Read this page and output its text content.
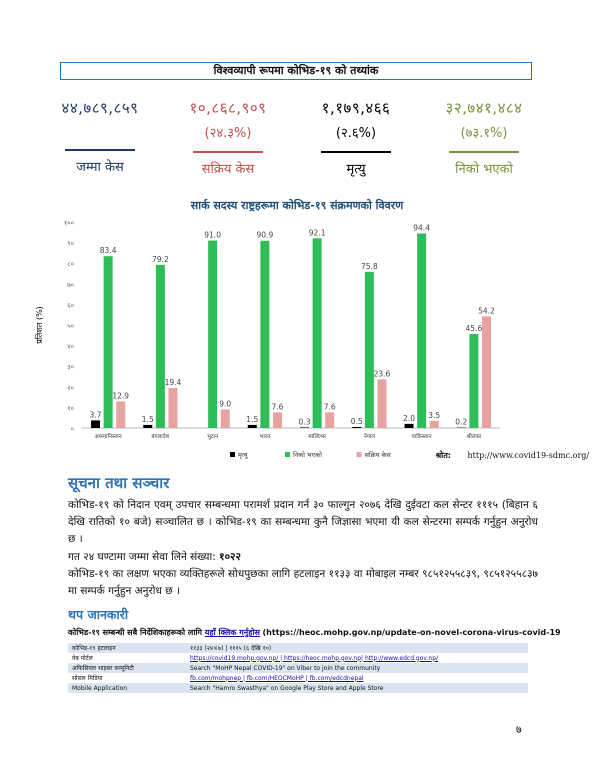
विश्वव्यापी रूपमा कोभिड-१९ को तथ्यांक
४४,७८९,८५९
जम्मा केस
१०,८६८,९०९
(२४.३%)
सक्रिय केस
१,१७९,४६६
(२.६%)
मृत्यु
३२,७४१,४८४
(७३.१%)
निको भएको
सार्क सदस्य राष्ट्रहरूमा कोभिड-१९ संक्रमणको विवरण
प्रतिशत (%)
०
१०
२०
३०
४०
५०
६०
७०
८०
९०
१००
3.7
83.4
12.9
अफगानिस्तान
1.5
79.2
19.4
बंगलादेश
91.0
9.0
भुटान
1.5
90.9
7.6
भारत
0.3
92.1
7.6
माल्दिभ्स
0.5
75.8
23.6
नेपाल
2.0
94.4
3.5
पाकिस्तान
0.2
45.6
54.2
श्रीलंका
मृत्यु	निको भएको	सक्रिय केस	श्रोत: http://www.covid19-sdmc.org/
सूचना तथा सञ्चार
कोभिड-१९ को निदान एवम् उपचार सम्बन्धमा परामर्श प्रदान गर्न ३० फाल्गुन २०७६ देखि दुईवटा कल सेन्टर १११५ (बिहान ६ देखि रातिको १० बजे) सञ्चालित छ । कोभिड-१९ का सम्बन्धमा कुनै जिज्ञासा भएमा यी कल सेन्टरमा सम्पर्क गर्नुहुन अनुरोध छ ।
गत २४ घण्टामा जम्मा सेवा लिने संख्या: १०२२
कोभिड-१९ का लक्षण भएका व्यक्तिहरूले सोधपुछका लागि हटलाइन ११३३ वा मोबाइल नम्बर ९८५१२५५८३९, ९८५१२५५८३७ मा सम्पर्क गर्नुहुन अनुरोध छ ।
थप जानकारी
कोभिड-१९ सम्बन्धी सबै निर्देशिकाहरूको लागि यहाँ क्लिक गर्नुहोस (https://heoc.mohp.gov.np/update-on-novel-corona-virus-covid-19
कोभिड-१९ हटलाइन	११३३ (२४×७) | १११५ (६ देखि १०)
वेब पोर्टल	https://covid19.mohp.gov.np/ | https://heoc.mohp.gov.np| http://www.edcd.gov.np/
अफिसियल भाइबर कम्युनिटी	Search "MoHP Nepal COVID-19" on Viber to join the community
सोसल मिडिया	fb.com/mohpnep | fb.com/HEOCMoHP | fb.com/edcdnepal
Mobile Application	Search "Hamro Swasthya" on Google Play Store and Apple Store
७
